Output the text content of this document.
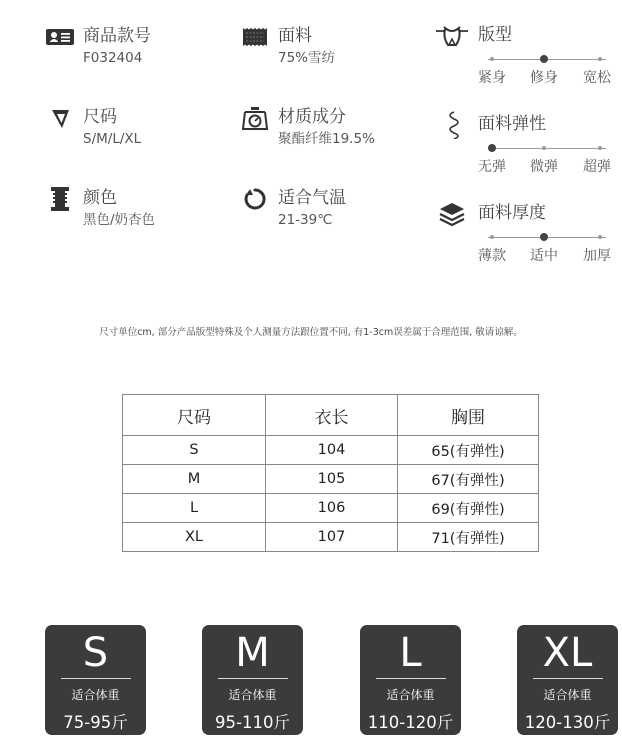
商品款号
F032404
尺码
S/M/L/XL
颜色
黑色/奶杏色
面料
75%雪纺
材质成分
聚酯纤维19.5%
适合气温
21-39℃
版型
紧身 修身 宽松
面料弹性
无弹 微弹 超弹
面料厚度
薄款 适中 加厚
尺寸单位cm, 部分产品版型特殊及个人测量方法跟位置不同, 有1-3cm误差属于合理范围, 敬请谅解。
尺码	衣长	胸围
S	104	65(有弹性)
M	105	67(有弹性)
L	106	69(有弹性)
XL	107	71(有弹性)
S
适合体重
75-95斤
M
适合体重
95-110斤
L
适合体重
110-120斤
XL
适合体重
120-130斤
